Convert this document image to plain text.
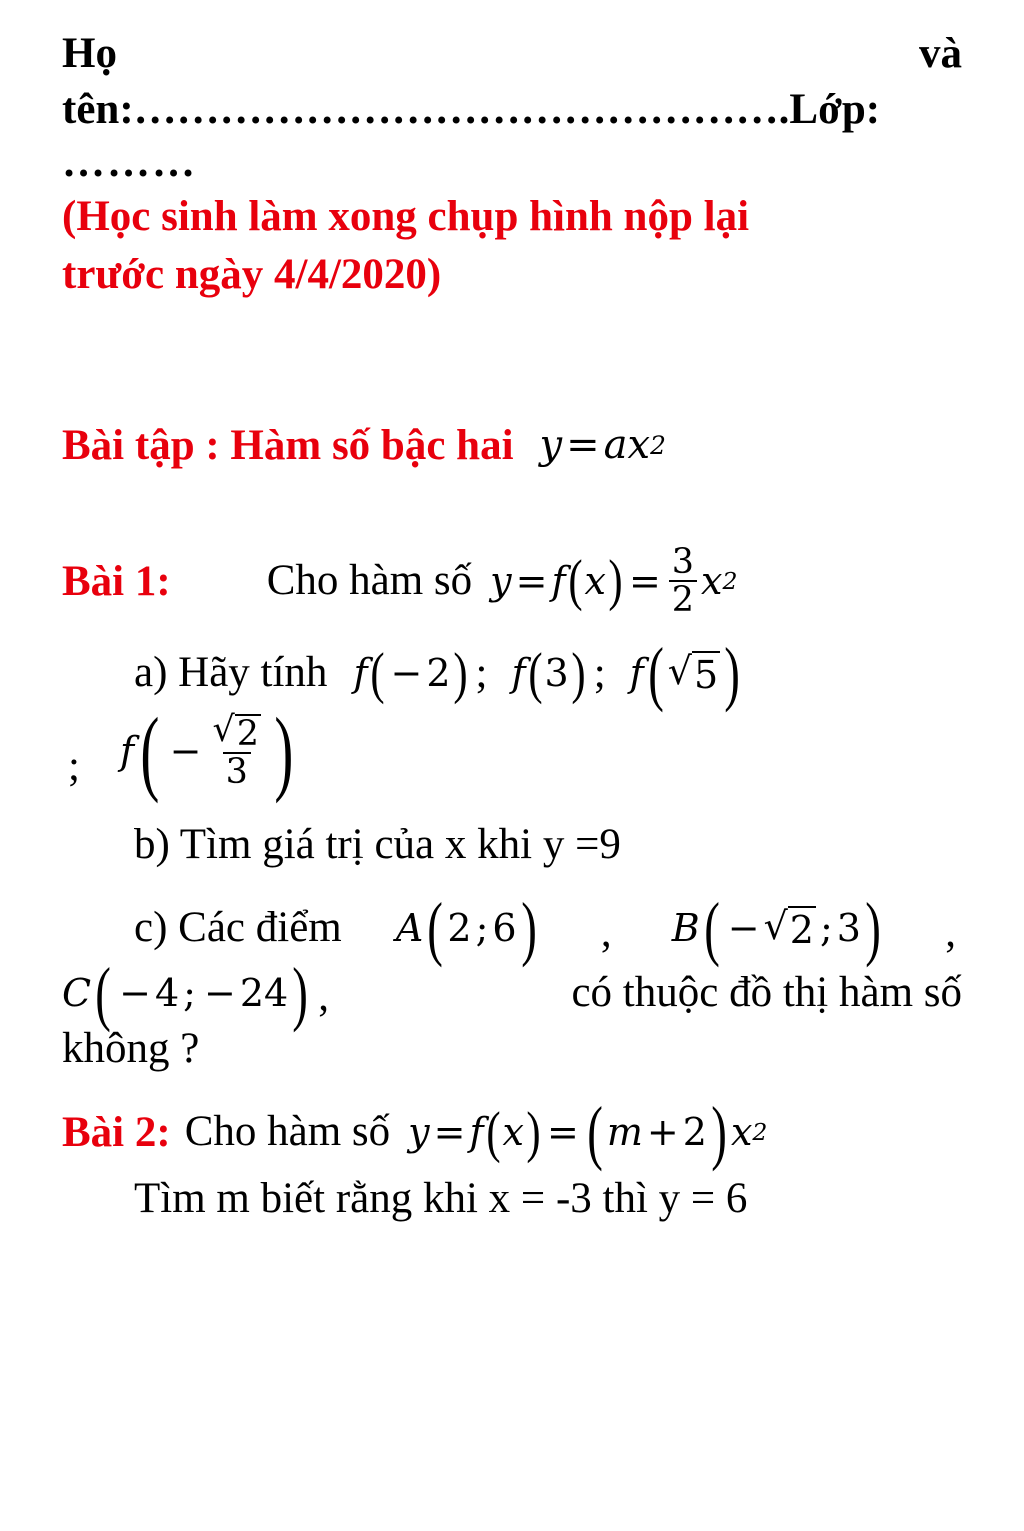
Họ	và
tên:……………………………………….Lớp:
………
(Học sinh làm xong chụp hình nộp lại
trước ngày 4/4/2020)
Bài tập : Hàm số bậc hai y = ax 2
Bài 1: Cho hàm số y = f ( x ) = $\frac{3}{2}$ x 2
a) Hãy tính f ( − 2 ) ; f ( 3 ) ; f ( √ 5 )
; f ( − $\frac{√ 2}{3}$ )
b) Tìm giá trị của x khi y =9
c) Các điểm A ( 2 ; 6 ) , B ( − √ 2 ; 3 ) ,
C ( − 4 ; − 24 ) ,	có thuộc đồ thị hàm số
không ?
Bài 2: Cho hàm số y = f ( x ) = ( m + 2 ) x 2
Tìm m biết rằng khi x = -3 thì y = 6
